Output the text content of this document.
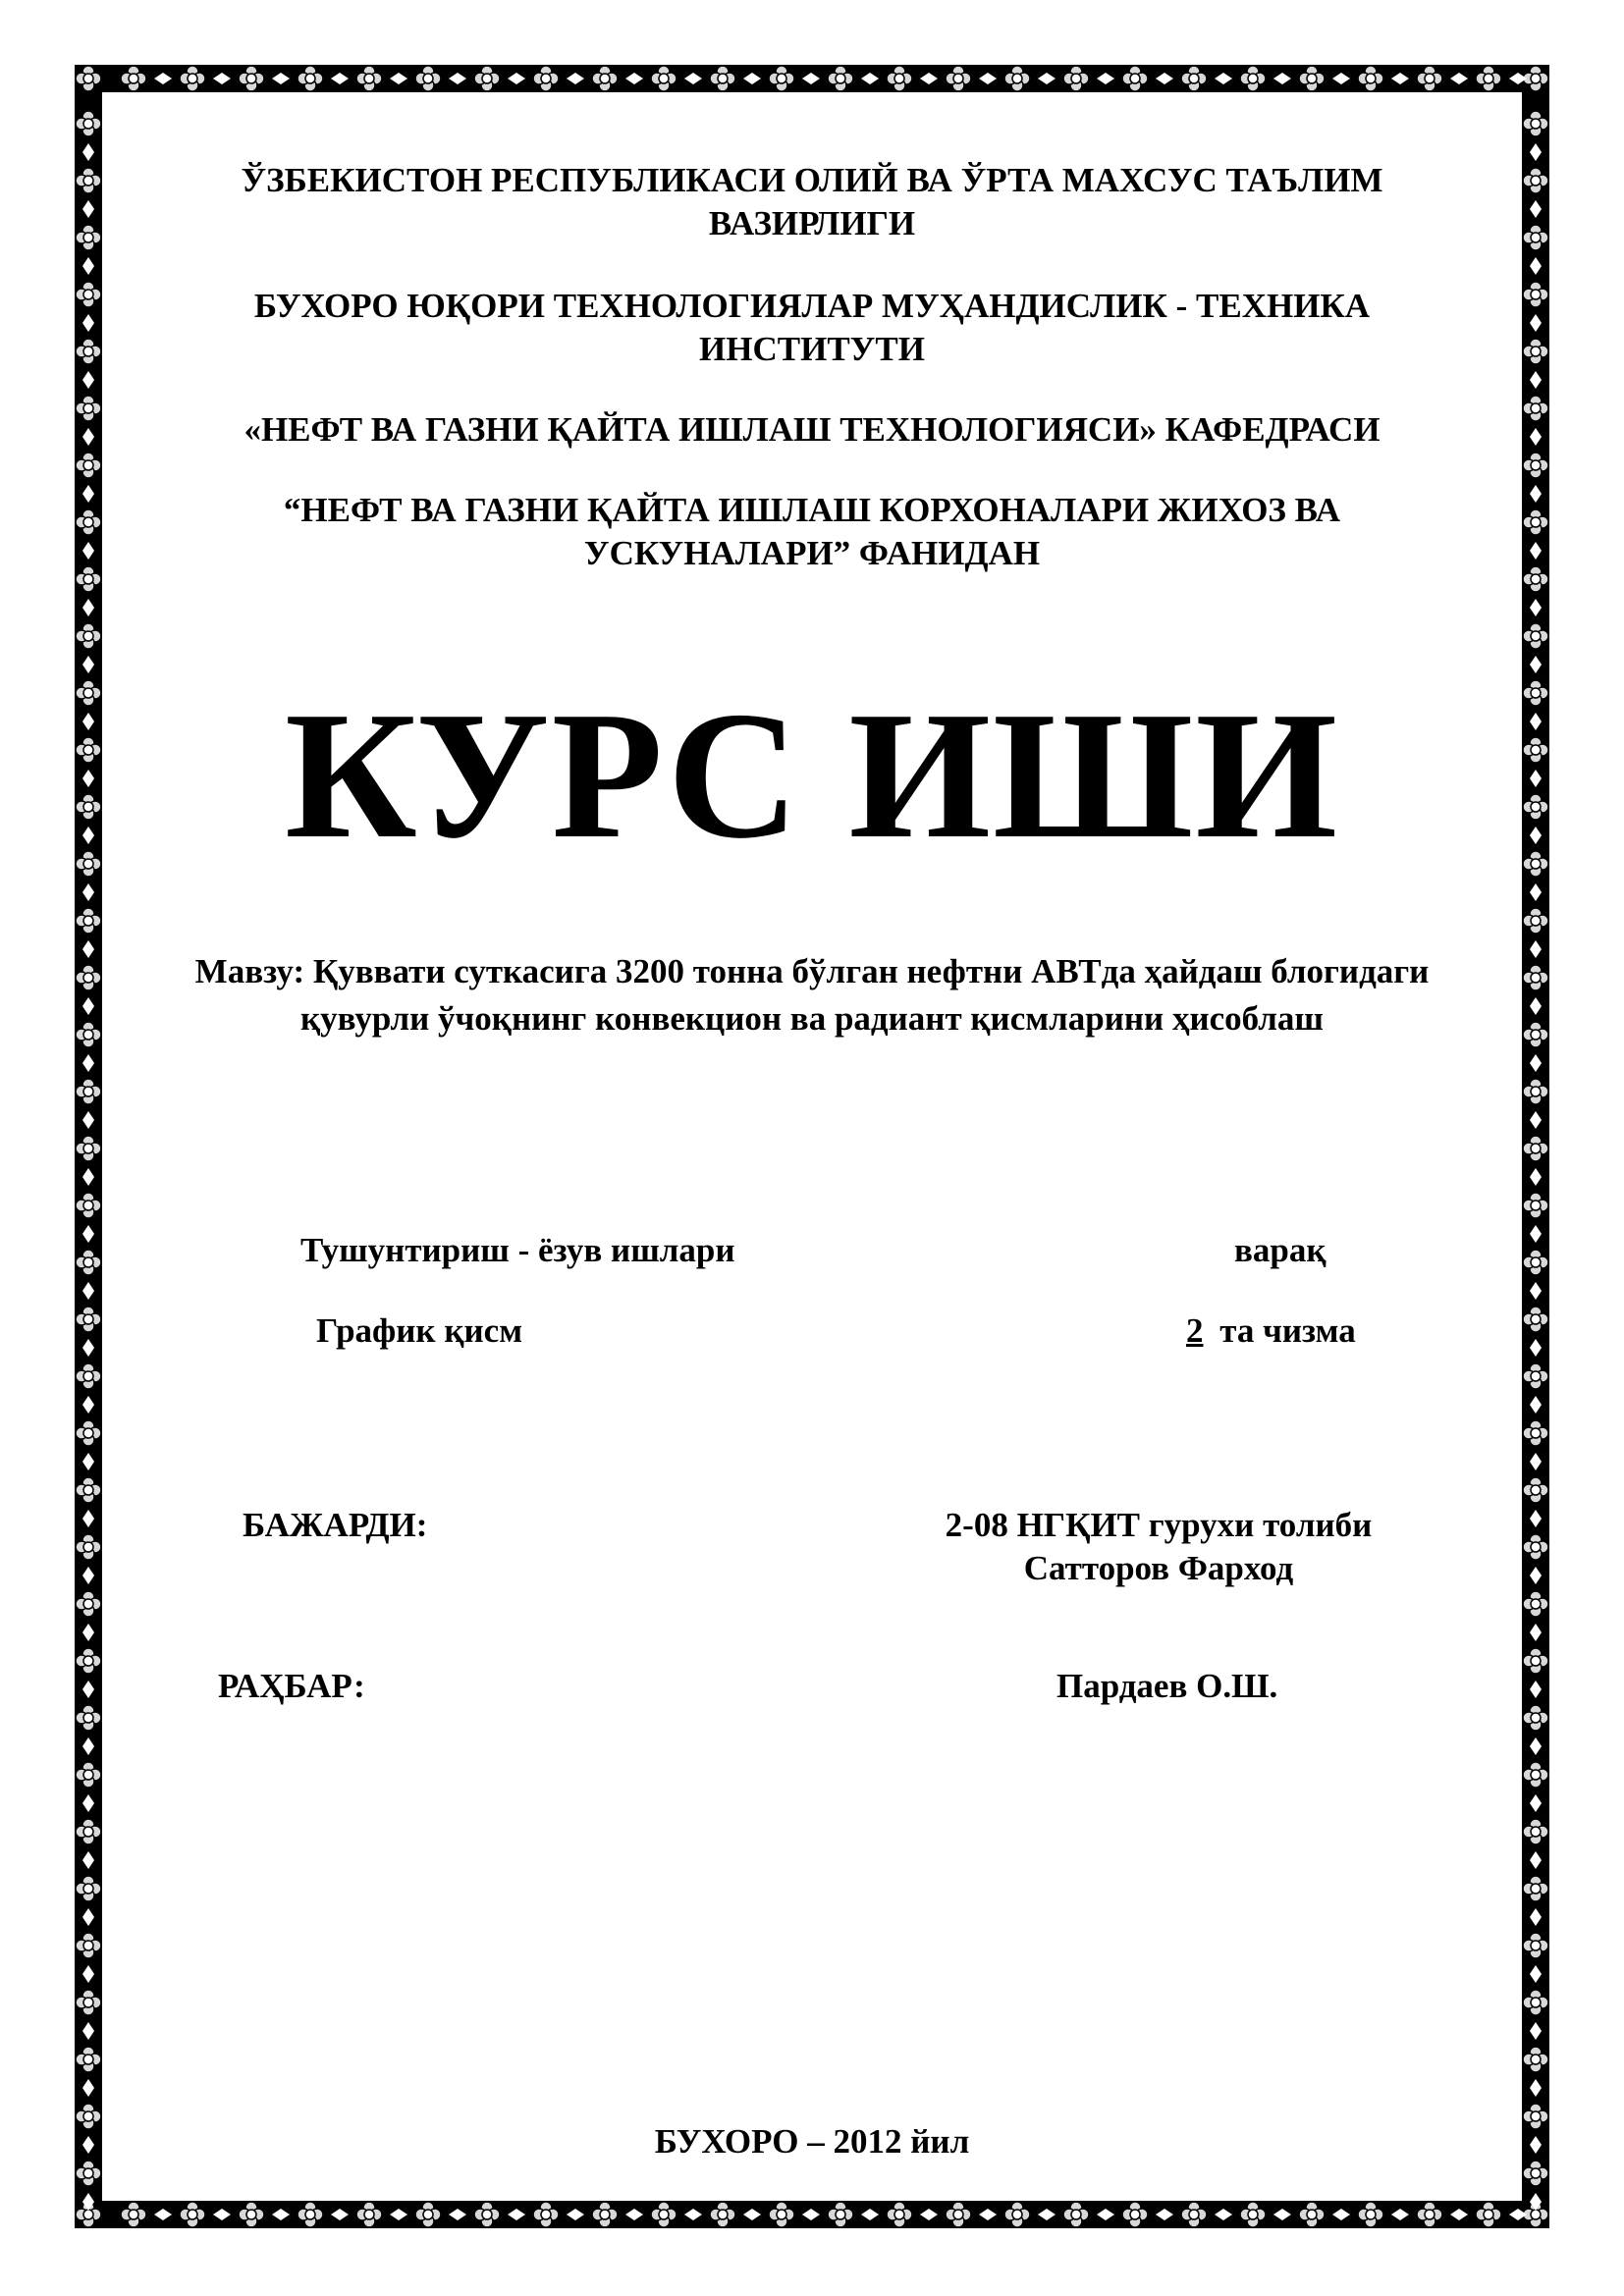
ЎЗБЕКИСТОН РЕСПУБЛИКАСИ ОЛИЙ ВА ЎРТА МАХСУС ТАЪЛИМ
ВАЗИРЛИГИ
БУХОРО ЮҚОРИ ТЕХНОЛОГИЯЛАР МУҲАНДИСЛИК - ТЕХНИКА
ИНСТИТУТИ
«НЕФТ ВА ГАЗНИ ҚАЙТА ИШЛАШ ТЕХНОЛОГИЯСИ» КАФЕДРАСИ
“НЕФТ ВА ГАЗНИ ҚАЙТА ИШЛАШ КОРХОНАЛАРИ ЖИХОЗ ВА
УСКУНАЛАРИ” ФАНИДАН
КУРС ИШИ
Мавзу: Қуввати суткасига 3200 тонна бўлган нефтни АВТда ҳайдаш блогидаги
қувурли ўчоқнинг конвекцион ва радиант қисмларини ҳисоблаш
Тушунтириш - ёзув ишлари	варақ
График қисм	2 та чизма
БАЖАРДИ:	2-08 НГҚИТ гурухи толиби
Сатторов Фарход
РАҲБАР:	Пардаев О.Ш.
БУХОРО – 2012 йил
